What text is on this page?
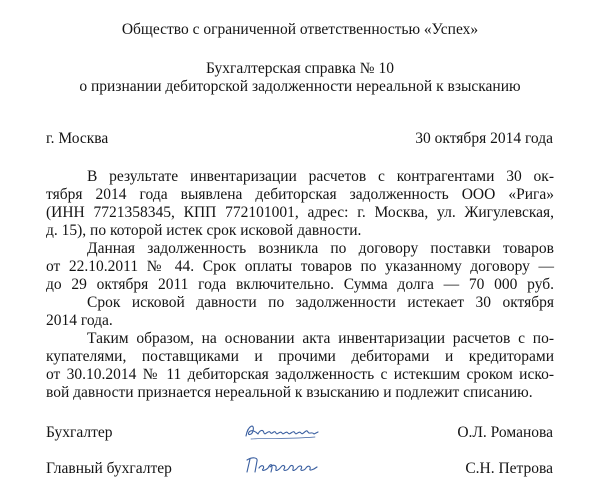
Общество с ограниченной ответственностью «Успех»
Бухгалтерская справка № 10
о признании дебиторской задолженности нереальной к взысканию
г. Москва	30 октября 2014 года
В результате инвентаризации расчетов с контрагентами 30 ок-
тября 2014 года выявлена дебиторская задолженность ООО «Рига»
(ИНН 7721358345, КПП 772101001, адрес: г. Москва, ул. Жигулевская,
д. 15), по которой истек срок исковой давности.
Данная задолженность возникла по договору поставки товаров
от 22.10.2011 № 44. Срок оплаты товаров по указанному договору —
до 29 октября 2011 года включительно. Сумма долга — 70 000 руб.
Срок исковой давности по задолженности истекает 30 октября
2014 года.
Таким образом, на основании акта инвентаризации расчетов с по-
купателями, поставщиками и прочими дебиторами и кредиторами
от 30.10.2014 № 11 дебиторская задолженность с истекшим сроком иско-
вой давности признается нереальной к взысканию и подлежит списанию.
Бухгалтер	О.Л. Романова
Главный бухгалтер	С.Н. Петрова
